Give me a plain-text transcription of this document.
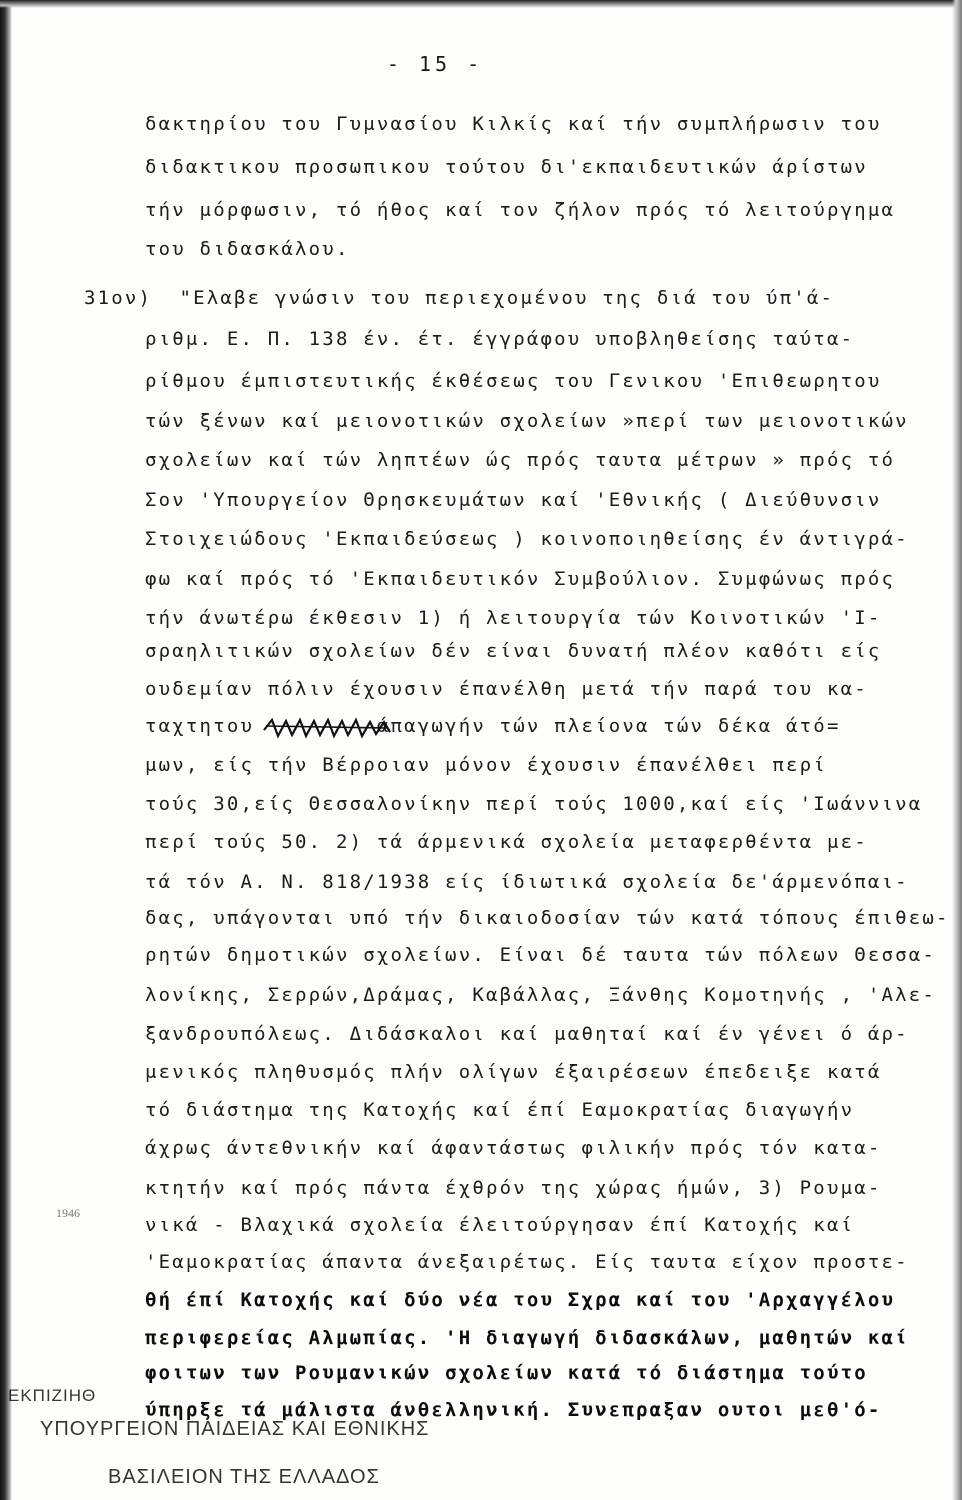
- 15 -
δακτηρίου του Γυμνασίου Κιλκίς καί τήν συμπλήρωσιν του
διδακτικου προσωπικου τούτου δι'εκπαιδευτικών άρίστων
τήν μόρφωσιν, τό ήθος καί τον ζήλον πρός τό λειτούργημα
του διδασκάλου.
31ον)  "Ελαβε γνώσιν του περιεχομένου της διά του ύπ'ά-
ριθμ. Ε. Π. 138 έν. έτ. έγγράφου υποβληθείσης ταύτα-
ρίθμου έμπιστευτικής έκθέσεως του Γενικου 'Επιθεωρητου
τών ξένων καί μειονοτικών σχολείων »περί των μειονοτικών
σχολείων καί τών ληπτέων ώς πρός ταυτα μέτρων » πρός τό
Σον 'Υπουργείον Θρησκευμάτων καί 'Εθνικής ( Διεύθυνσιν
Στοιχειώδους 'Εκπαιδεύσεως ) κοινοποιηθείσης έν άντιγρά-
φω καί πρός τό 'Εκπαιδευτικόν Συμβούλιον. Συμφώνως πρός
τήν άνωτέρω έκθεσιν 1) ή λειτουργία τών Κοινοτικών 'Ι-
σραηλιτικών σχολείων δέν είναι δυνατή πλέον καθότι είς
ουδεμίαν πόλιν έχουσιν έπανέλθη μετά τήν παρά του κα-
ταχτητου         άπαγωγήν τών πλείονα τών δέκα άτό=
μων, είς τήν Βέρροιαν μόνον έχουσιν έπανέλθει περί
τούς 30,είς Θεσσαλονίκην περί τούς 1000,καί είς 'Ιωάννινα
περί τούς 50. 2) τά άρμενικά σχολεία μεταφερθέντα με-
τά τόν Α. Ν. 818/1938 είς ίδιωτικά σχολεία δε'άρμενόπαι-
δας, υπάγονται υπό τήν δικαιοδοσίαν τών κατά τόπους έπιθεω-
ρητών δημοτικών σχολείων. Είναι δέ ταυτα τών πόλεων Θεσσα-
λονίκης, Σερρών,Δράμας, Καβάλλας, Ξάνθης Κομοτηνής , 'Αλε-
ξανδρουπόλεως. Διδάσκαλοι καί μαθηταί καί έν γένει ό άρ-
μενικός πληθυσμός πλήν ολίγων έξαιρέσεων έπεδειξε κατά
τό διάστημα της Κατοχής καί έπί Εαμοκρατίας διαγωγήν
άχρως άντεθνικήν καί άφαντάστως φιλικήν πρός τόν κατα-
κτητήν καί πρός πάντα έχθρόν της χώρας ήμών, 3) Ρουμα-
νικά - Βλαχικά σχολεία έλειτούργησαν έπί Κατοχής καί
'Εαμοκρατίας άπαντα άνεξαιρέτως. Είς ταυτα είχον προστε-
θή έπί Κατοχής καί δύο νέα του Σχρα καί του 'Αρχαγγέλου
περιφερείας Αλμωπίας. 'Η διαγωγή διδασκάλων, μαθητών καί
φοιτων των Ρουμανικών σχολείων κατά τό διάστημα τούτο
ύπηρξε τά μάλιστα άνθελληνική. Συνεπραξαν ουτοι μεθ'ό-
ΕΚΠΙΖΙΗΘ
ΥΠΟΥΡΓΕΙΟΝ ΠΑΙΔΕΙΑΣ ΚΑΙ ΕΘΝΙΚΗΣ
ΒΑΣΙΛΕΙΟΝ ΤΗΣ ΕΛΛΑΔΟΣ
1946
